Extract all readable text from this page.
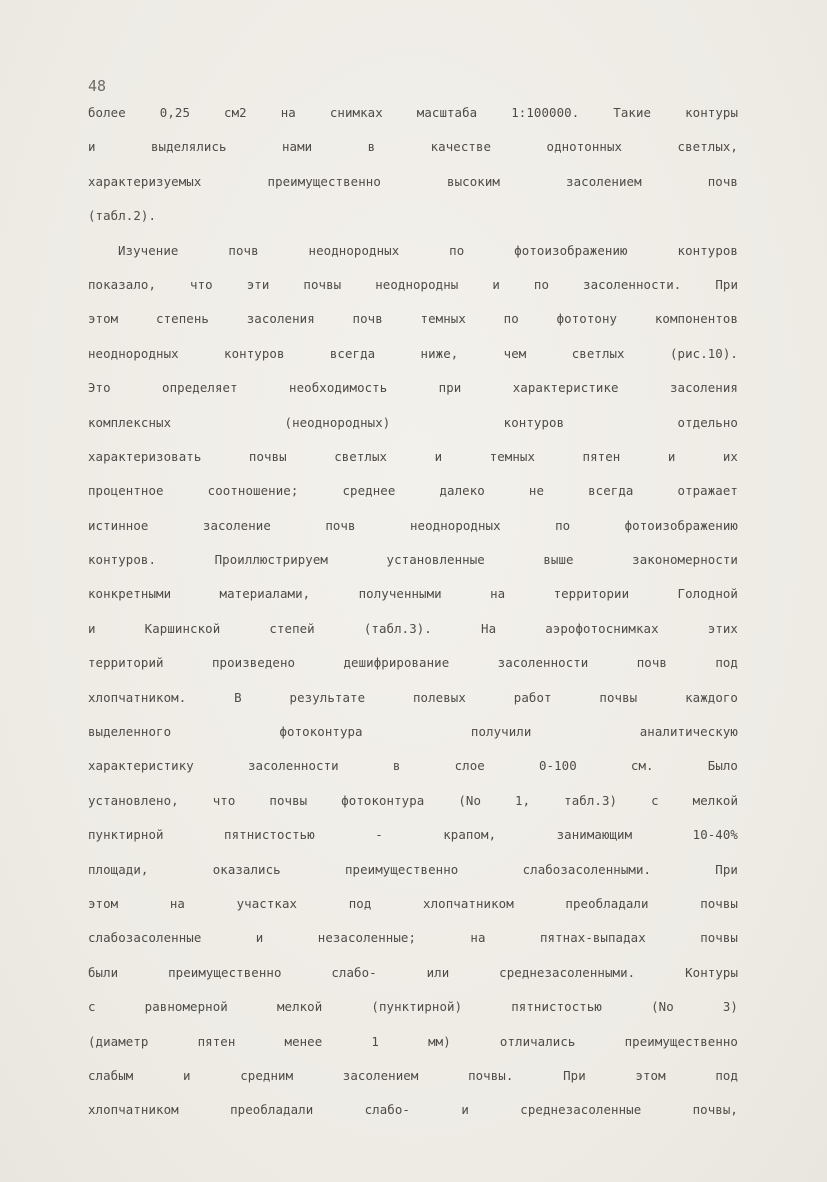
48
более 0,25 см2 на снимках масштаба 1:100000. Такие контуры
и выделялись нами в качестве однотонных светлых,
характеризуемых преимущественно высоким засолением почв
(табл.2).
Изучение почв неоднородных по фотоизображению контуров
показало, что эти почвы неоднородны и по засоленности. При
этом степень засоления почв темных по фототону компонентов
неоднородных контуров всегда ниже, чем светлых (рис.10).
Это определяет необходимость при характеристике засоления
комплексных (неоднородных) контуров отдельно
характеризовать почвы светлых и темных пятен и их
процентное соотношение; среднее далеко не всегда отражает
истинное засоление почв неоднородных по фотоизображению
контуров. Проиллюстрируем установленные выше закономерности
конкретными материалами, полученными на территории Голодной
и Каршинской степей (табл.3). На аэрофотоснимках этих
территорий произведено дешифрирование засоленности почв под
хлопчатником. В результате полевых работ почвы каждого
выделенного фотоконтура получили аналитическую
характеристику засоленности в слое 0-100 см. Было
установлено, что почвы фотоконтура (No 1, табл.3) с мелкой
пунктирной пятнистостью - крапом, занимающим 10-40%
площади, оказались преимущественно слабозасоленными. При
этом на участках под хлопчатником преобладали почвы
слабозасоленные и незасоленные; на пятнах-выпадах почвы
были преимущественно слабо- или среднезасоленными. Контуры
с равномерной мелкой (пунктирной) пятнистостью (No 3)
(диаметр пятен менее 1 мм) отличались преимущественно
слабым и средним засолением почвы. При этом под
хлопчатником преобладали слабо- и среднезасоленные почвы,
